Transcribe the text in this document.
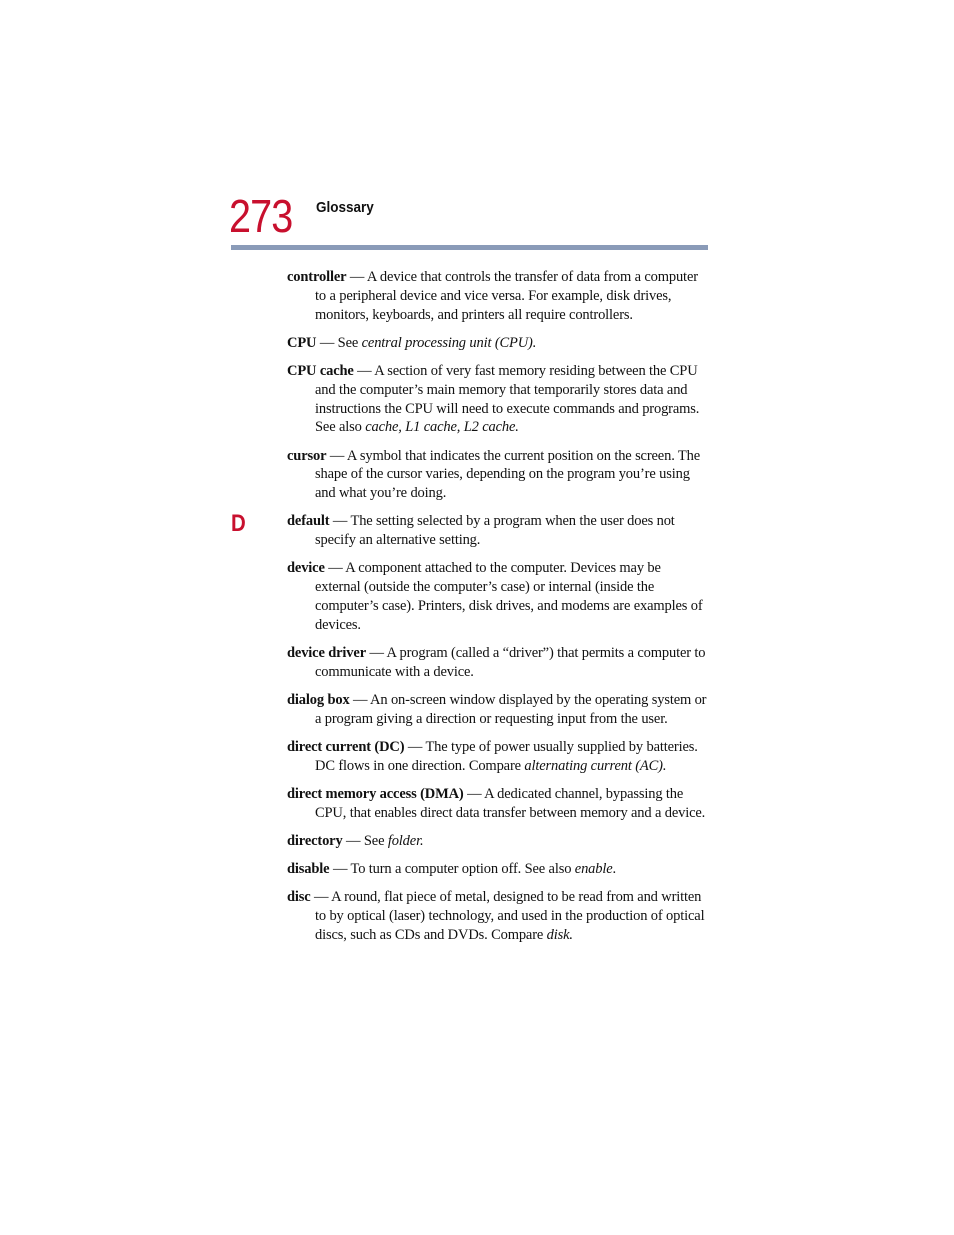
273 Glossary
D

controller — A device that controls the transfer of data from a computer to a peripheral device and vice versa. For example, disk drives, monitors, keyboards, and printers all require controllers.

CPU — See central processing unit (CPU).

CPU cache — A section of very fast memory residing between the CPU and the computer’s main memory that temporarily stores data and instructions the CPU will need to execute commands and programs. See also cache, L1 cache, L2 cache.

cursor — A symbol that indicates the current position on the screen. The shape of the cursor varies, depending on the program you’re using and what you’re doing.

default — The setting selected by a program when the user does not specify an alternative setting.

device — A component attached to the computer. Devices may be external (outside the computer’s case) or internal (inside the computer’s case). Printers, disk drives, and modems are examples of devices.

device driver — A program (called a “driver”) that permits a computer to communicate with a device.

dialog box — An on-screen window displayed by the operating system or a program giving a direction or requesting input from the user.

direct current (DC) — The type of power usually supplied by batteries. DC flows in one direction. Compare alternating current (AC).

direct memory access (DMA) — A dedicated channel, bypassing the CPU, that enables direct data transfer between memory and a device.

directory — See folder.

disable — To turn a computer option off. See also enable.

disc — A round, flat piece of metal, designed to be read from and written to by optical (laser) technology, and used in the production of optical discs, such as CDs and DVDs. Compare disk.
